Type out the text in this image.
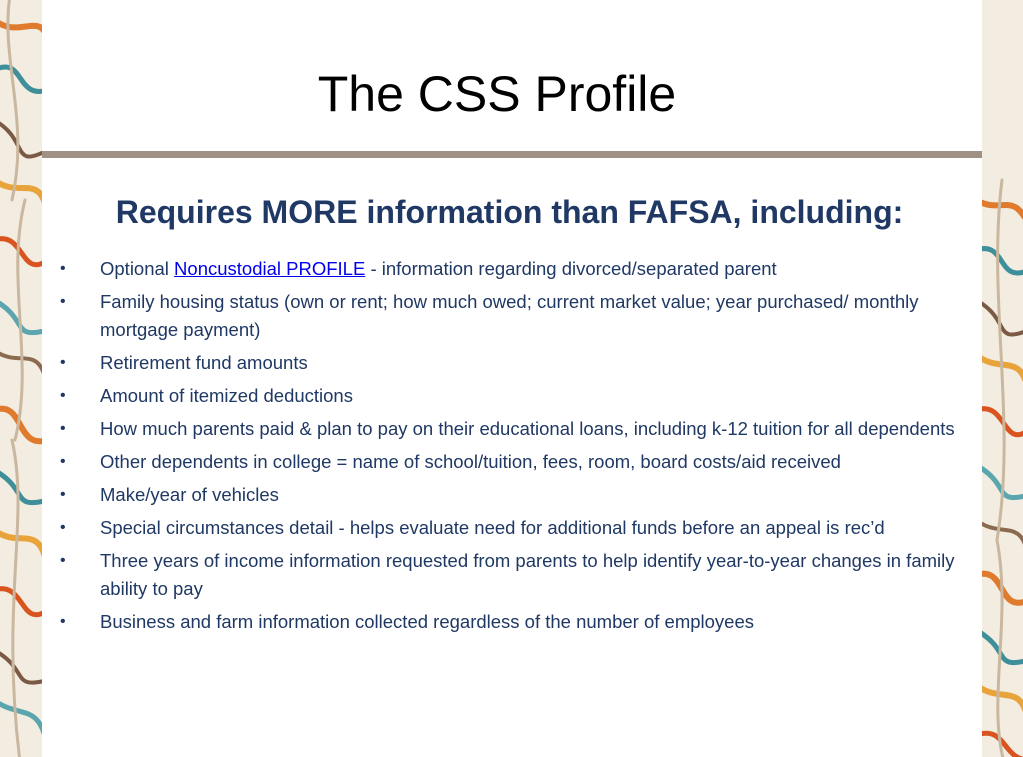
The CSS Profile
Requires MORE information than FAFSA, including:
• Optional Noncustodial PROFILE - information regarding divorced/separated parent
• Family housing status (own or rent; how much owed; current market value; year purchased/ monthly mortgage payment)
• Retirement fund amounts
• Amount of itemized deductions
• How much parents paid & plan to pay on their educational loans, including k-12 tuition for all dependents
• Other dependents in college = name of school/tuition, fees, room, board costs/aid received
• Make/year of vehicles
• Special circumstances detail - helps evaluate need for additional funds before an appeal is rec’d
• Three years of income information requested from parents to help identify year-to-year changes in family ability to pay
• Business and farm information collected regardless of the number of employees
